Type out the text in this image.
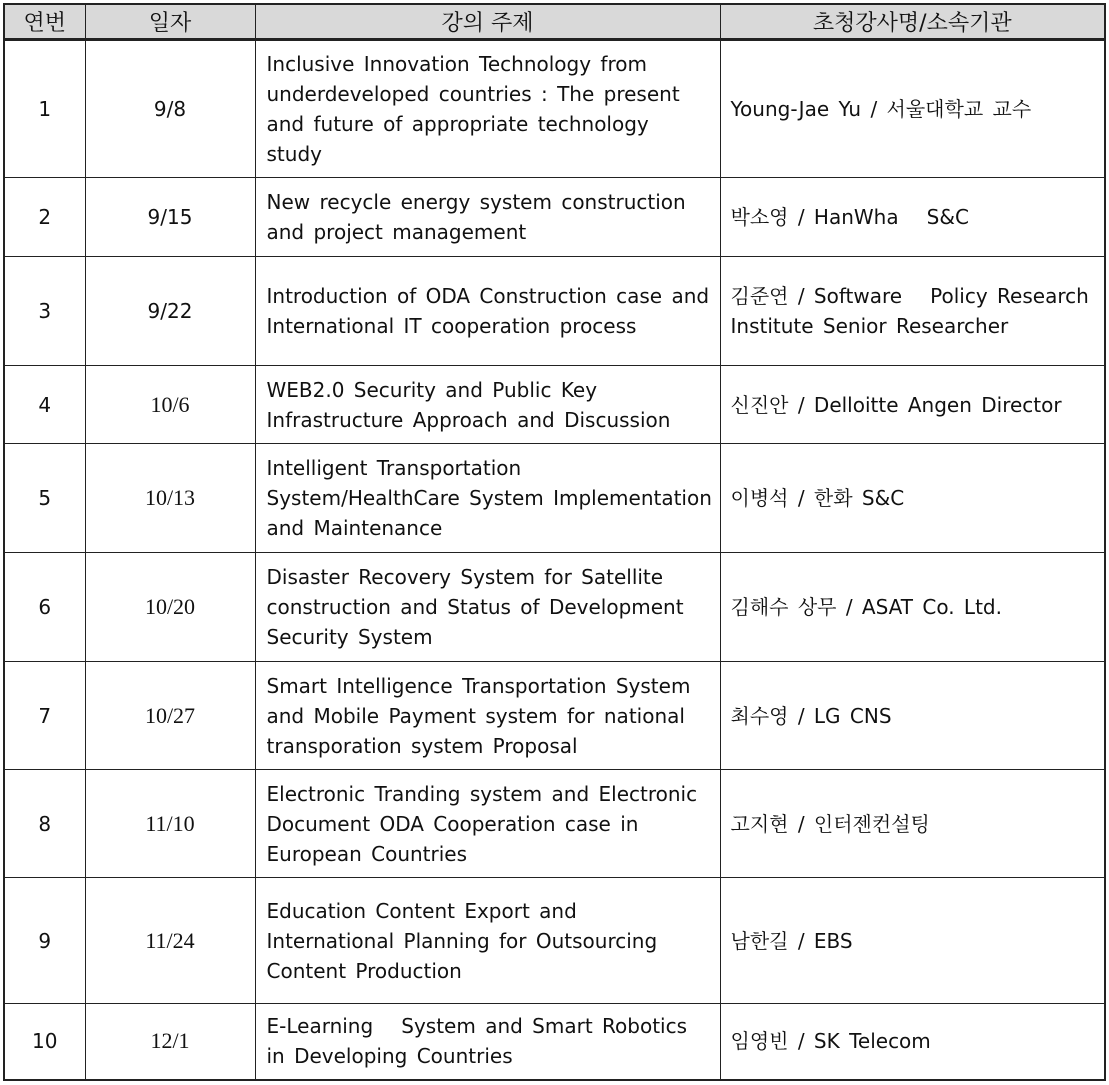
연번	일자	강의 주제	초청강사명/소속기관
1	9/8	Inclusive Innovation Technology from underdeveloped countries : The present and future of appropriate technology study	Young-Jae Yu / 서울대학교 교수
2	9/15	New recycle energy system construction and project management	박소영 / HanWha   S&C
3	9/22	Introduction of ODA Construction case and  International IT cooperation process	김준연 / Software   Policy Research Institute Senior Researcher
4	10/6	WEB2.0 Security and Public Key Infrastructure Approach and Discussion	신진안 / Delloitte Angen Director
5	10/13	Intelligent Transportation System/HealthCare System Implementation and Maintenance	이병석 / 한화 S&C
6	10/20	Disaster Recovery System for Satellite construction and Status of Development Security System	김해수 상무 / ASAT Co. Ltd.
7	10/27	Smart Intelligence Transportation System and Mobile Payment system for national transporation system Proposal	최수영 / LG CNS
8	11/10	Electronic Tranding system and Electronic Document ODA Cooperation case in European Countries	고지현 / 인터젠컨설팅
9	11/24	Education Content Export and International Planning for Outsourcing Content Production	남한길 / EBS
10	12/1	E-Learning   System and Smart Robotics in Developing Countries	임영빈 / SK Telecom
